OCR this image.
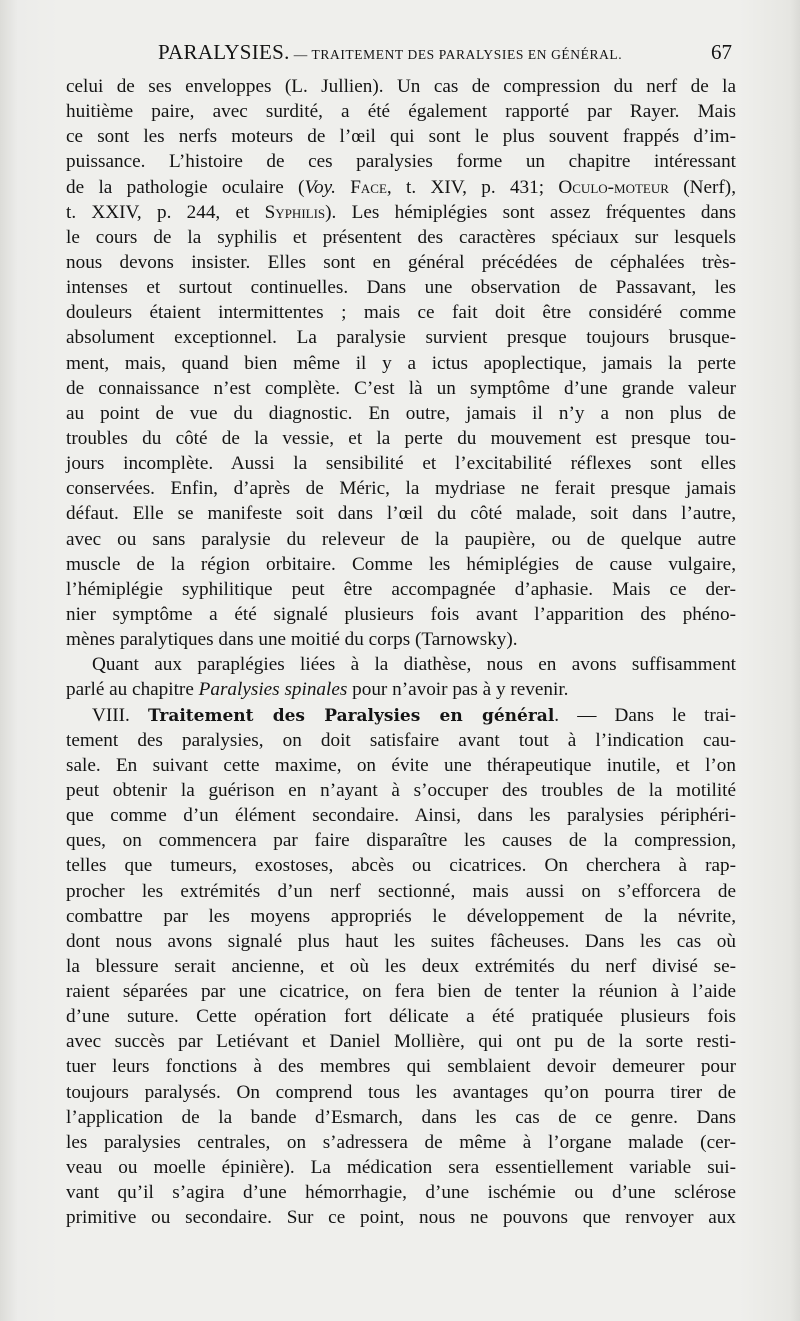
PARALYSIES. — TRAITEMENT DES PARALYSIES EN GÉNÉRAL.	67
celui de ses enveloppes (L. Jullien). Un cas de compression du nerf de la
huitième paire, avec surdité, a été également rapporté par Rayer. Mais
ce sont les nerfs moteurs de l’œil qui sont le plus souvent frappés d’im-
puissance. L’histoire de ces paralysies forme un chapitre intéressant
de la pathologie oculaire (Voy. Face, t. XIV, p. 431; Oculo-moteur (Nerf),
t. XXIV, p. 244, et Syphilis). Les hémiplégies sont assez fréquentes dans
le cours de la syphilis et présentent des caractères spéciaux sur lesquels
nous devons insister. Elles sont en général précédées de céphalées très-
intenses et surtout continuelles. Dans une observation de Passavant, les
douleurs étaient intermittentes ; mais ce fait doit être considéré comme
absolument exceptionnel. La paralysie survient presque toujours brusque-
ment, mais, quand bien même il y a ictus apoplectique, jamais la perte
de connaissance n’est complète. C’est là un symptôme d’une grande valeur
au point de vue du diagnostic. En outre, jamais il n’y a non plus de
troubles du côté de la vessie, et la perte du mouvement est presque tou-
jours incomplète. Aussi la sensibilité et l’excitabilité réflexes sont elles
conservées. Enfin, d’après de Méric, la mydriase ne ferait presque jamais
défaut. Elle se manifeste soit dans l’œil du côté malade, soit dans l’autre,
avec ou sans paralysie du releveur de la paupière, ou de quelque autre
muscle de la région orbitaire. Comme les hémiplégies de cause vulgaire,
l’hémiplégie syphilitique peut être accompagnée d’aphasie. Mais ce der-
nier symptôme a été signalé plusieurs fois avant l’apparition des phéno-
mènes paralytiques dans une moitié du corps (Tarnowsky).
Quant aux paraplégies liées à la diathèse, nous en avons suffisamment
parlé au chapitre Paralysies spinales pour n’avoir pas à y revenir.
VIII. Traitement des Paralysies en général. — Dans le trai-
tement des paralysies, on doit satisfaire avant tout à l’indication cau-
sale. En suivant cette maxime, on évite une thérapeutique inutile, et l’on
peut obtenir la guérison en n’ayant à s’occuper des troubles de la motilité
que comme d’un élément secondaire. Ainsi, dans les paralysies périphéri-
ques, on commencera par faire disparaître les causes de la compression,
telles que tumeurs, exostoses, abcès ou cicatrices. On cherchera à rap-
procher les extrémités d’un nerf sectionné, mais aussi on s’efforcera de
combattre par les moyens appropriés le développement de la névrite,
dont nous avons signalé plus haut les suites fâcheuses. Dans les cas où
la blessure serait ancienne, et où les deux extrémités du nerf divisé se-
raient séparées par une cicatrice, on fera bien de tenter la réunion à l’aide
d’une suture. Cette opération fort délicate a été pratiquée plusieurs fois
avec succès par Letiévant et Daniel Mollière, qui ont pu de la sorte resti-
tuer leurs fonctions à des membres qui semblaient devoir demeurer pour
toujours paralysés. On comprend tous les avantages qu’on pourra tirer de
l’application de la bande d’Esmarch, dans les cas de ce genre. Dans
les paralysies centrales, on s’adressera de même à l’organe malade (cer-
veau ou moelle épinière). La médication sera essentiellement variable sui-
vant qu’il s’agira d’une hémorrhagie, d’une ischémie ou d’une sclérose
primitive ou secondaire. Sur ce point, nous ne pouvons que renvoyer aux
